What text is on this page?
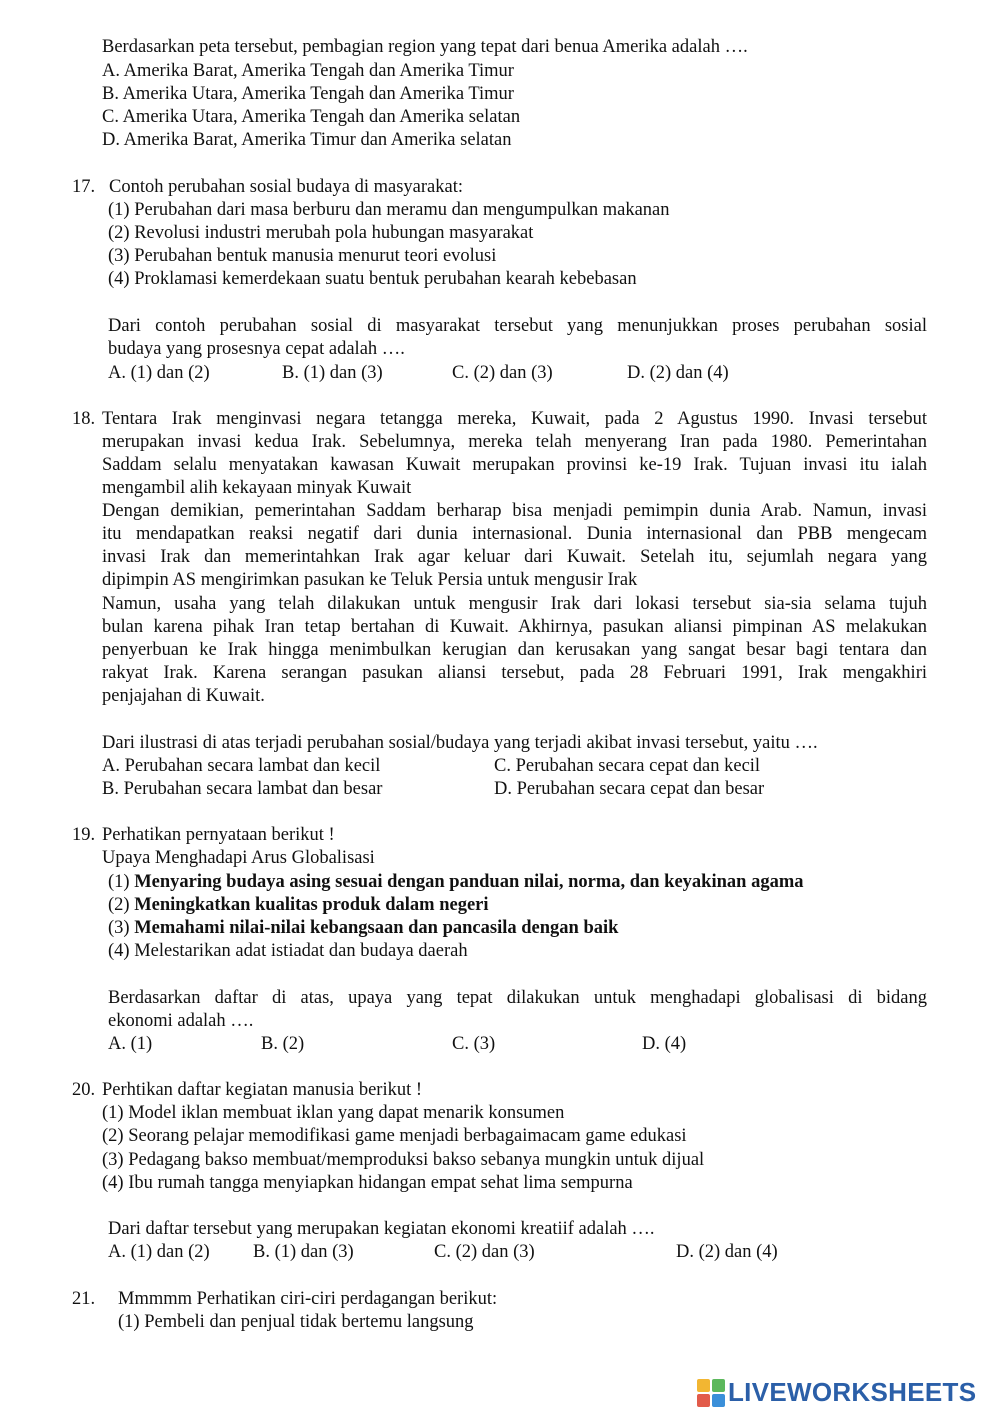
Berdasarkan peta tersebut, pembagian region yang tepat dari benua Amerika adalah ….
A. Amerika Barat, Amerika Tengah dan Amerika Timur
B. Amerika Utara, Amerika Tengah dan Amerika Timur
C. Amerika Utara, Amerika Tengah dan Amerika selatan
D. Amerika Barat, Amerika Timur dan Amerika selatan
17. Contoh perubahan sosial budaya di masyarakat:
(1) Perubahan dari masa berburu dan meramu dan mengumpulkan makanan
(2) Revolusi industri merubah pola hubungan masyarakat
(3) Perubahan bentuk manusia menurut teori evolusi
(4) Proklamasi kemerdekaan suatu bentuk perubahan kearah kebebasan
Dari contoh perubahan sosial di masyarakat tersebut yang menunjukkan proses perubahan sosial
budaya yang prosesnya cepat adalah ….
A. (1) dan (2)	B. (1) dan (3)	C. (2) dan (3)	D. (2) dan (4)
18. Tentara Irak menginvasi negara tetangga mereka, Kuwait, pada 2 Agustus 1990. Invasi tersebut
merupakan invasi kedua Irak. Sebelumnya, mereka telah menyerang Iran pada 1980. Pemerintahan
Saddam selalu menyatakan kawasan Kuwait merupakan provinsi ke-19 Irak. Tujuan invasi itu ialah
mengambil alih kekayaan minyak Kuwait
Dengan demikian, pemerintahan Saddam berharap bisa menjadi pemimpin dunia Arab. Namun, invasi
itu mendapatkan reaksi negatif dari dunia internasional. Dunia internasional dan PBB mengecam
invasi Irak dan memerintahkan Irak agar keluar dari Kuwait. Setelah itu, sejumlah negara yang
dipimpin AS mengirimkan pasukan ke Teluk Persia untuk mengusir Irak
Namun, usaha yang telah dilakukan untuk mengusir Irak dari lokasi tersebut sia-sia selama tujuh
bulan karena pihak Iran tetap bertahan di Kuwait. Akhirnya, pasukan aliansi pimpinan AS melakukan
penyerbuan ke Irak hingga menimbulkan kerugian dan kerusakan yang sangat besar bagi tentara dan
rakyat Irak. Karena serangan pasukan aliansi tersebut, pada 28 Februari 1991, Irak mengakhiri
penjajahan di Kuwait.
Dari ilustrasi di atas terjadi perubahan sosial/budaya yang terjadi akibat invasi tersebut, yaitu ….
A. Perubahan secara lambat dan kecil	C. Perubahan secara cepat dan kecil
B. Perubahan secara lambat dan besar	D. Perubahan secara cepat dan besar
19. Perhatikan pernyataan berikut !
Upaya Menghadapi Arus Globalisasi
(1) Menyaring budaya asing sesuai dengan panduan nilai, norma, dan keyakinan agama
(2) Meningkatkan kualitas produk dalam negeri
(3) Memahami nilai-nilai kebangsaan dan pancasila dengan baik
(4) Melestarikan adat istiadat dan budaya daerah
Berdasarkan daftar di atas, upaya yang tepat dilakukan untuk menghadapi globalisasi di bidang
ekonomi adalah ….
A. (1)	B. (2)	C. (3)	D. (4)
20. Perhtikan daftar kegiatan manusia berikut !
(1) Model iklan membuat iklan yang dapat menarik konsumen
(2) Seorang pelajar memodifikasi game menjadi berbagaimacam game edukasi
(3) Pedagang bakso membuat/memproduksi bakso sebanya mungkin untuk dijual
(4) Ibu rumah tangga menyiapkan hidangan empat sehat lima sempurna
Dari daftar tersebut yang merupakan kegiatan ekonomi kreatiif adalah ….
A. (1) dan (2) B. (1) dan (3)	C. (2) dan (3)	D. (2) dan (4)
21. Mmmmm Perhatikan ciri-ciri perdagangan berikut:
(1) Pembeli dan penjual tidak bertemu langsung
LIVEWORKSHEETS
